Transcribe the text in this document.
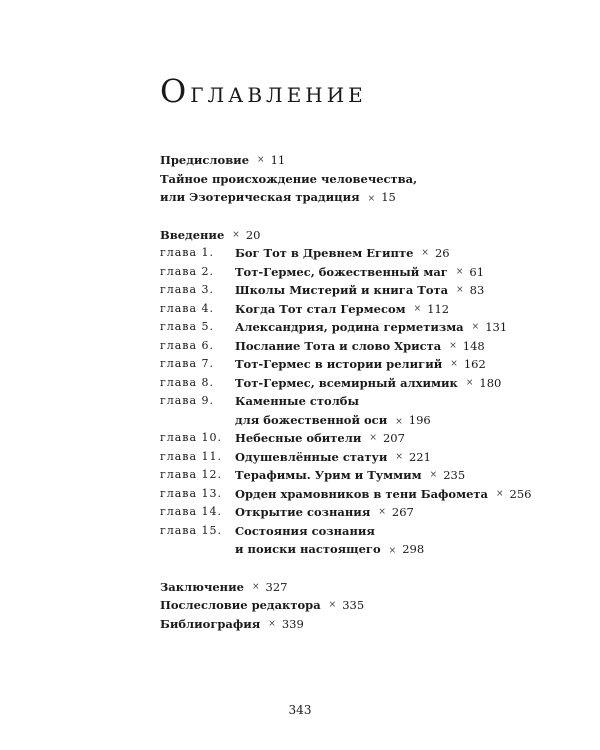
Оглавление
Предисловие × 11
Тайное происхождение человечества,
или Эзотерическая традиция × 15
Введение × 20
глава 1.	Бог Тот в Древнем Египте × 26
глава 2.	Тот-Гермес, божественный маг × 61
глава 3.	Школы Мистерий и книга Тота × 83
глава 4.	Когда Тот стал Гермесом × 112
глава 5.	Александрия, родина герметизма × 131
глава 6.	Послание Тота и слово Христа × 148
глава 7.	Тот-Гермес в истории религий × 162
глава 8.	Тот-Гермес, всемирный алхимик × 180
глава 9.	Каменные столбы
для божественной оси × 196
глава 10.	Небесные обители × 207
глава 11.	Одушевлённые статуи × 221
глава 12.	Терафимы. Урим и Туммим × 235
глава 13.	Орден храмовников в тени Бафомета × 256
глава 14.	Открытие сознания × 267
глава 15.	Состояния сознания
и поиски настоящего × 298
Заключение × 327
Послесловие редактора × 335
Библиография × 339
343
